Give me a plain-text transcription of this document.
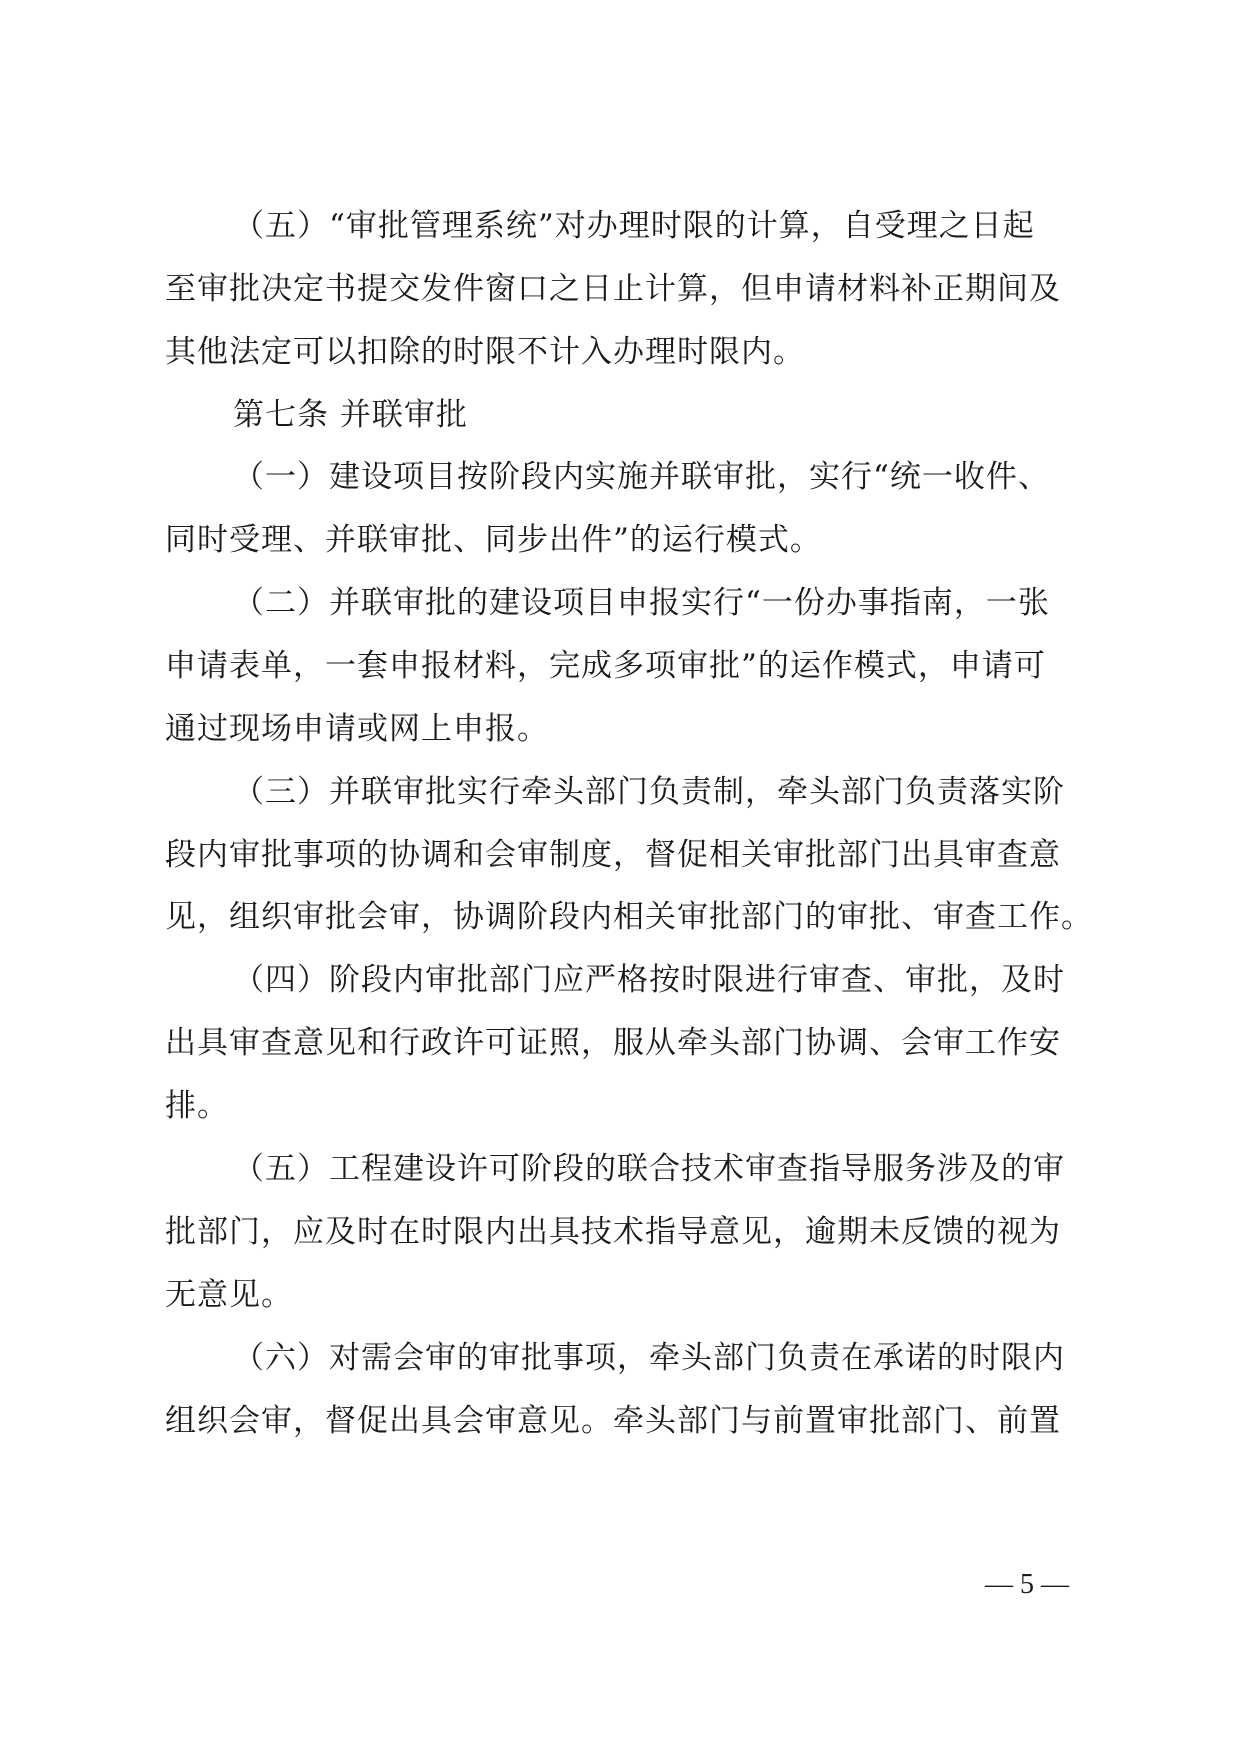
（五）“审批管理系统”对办理时限的计算，自受理之日起
至审批决定书提交发件窗口之日止计算，但申请材料补正期间及
其他法定可以扣除的时限不计入办理时限内。
第七条 并联审批
（一）建设项目按阶段内实施并联审批，实行“统一收件、
同时受理、并联审批、同步出件”的运行模式。
（二）并联审批的建设项目申报实行“一份办事指南，一张
申请表单，一套申报材料，完成多项审批”的运作模式，申请可
通过现场申请或网上申报。
（三）并联审批实行牵头部门负责制，牵头部门负责落实阶
段内审批事项的协调和会审制度，督促相关审批部门出具审查意
见，组织审批会审，协调阶段内相关审批部门的审批、审查工作。
（四）阶段内审批部门应严格按时限进行审查、审批，及时
出具审查意见和行政许可证照，服从牵头部门协调、会审工作安
排。
（五）工程建设许可阶段的联合技术审查指导服务涉及的审
批部门，应及时在时限内出具技术指导意见，逾期未反馈的视为
无意见。
（六）对需会审的审批事项，牵头部门负责在承诺的时限内
组织会审，督促出具会审意见。牵头部门与前置审批部门、前置
— 5 —
